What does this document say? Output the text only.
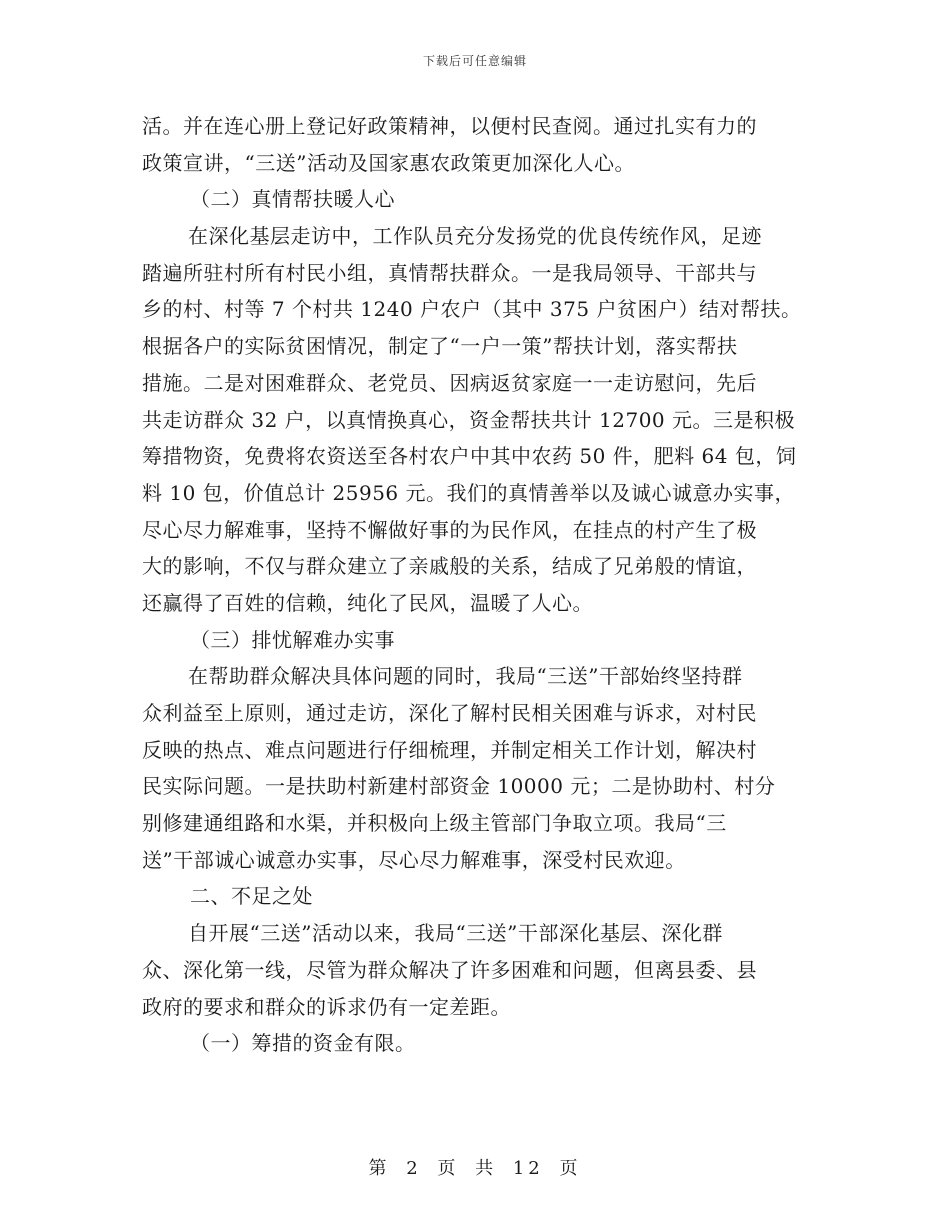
下载后可任意编辑
活。并在连心册上登记好政策精神，以便村民查阅。通过扎实有力的
政策宣讲，“三送”活动及国家惠农政策更加深化人心。
（二）真情帮扶暖人心
在深化基层走访中，工作队员充分发扬党的优良传统作风，足迹
踏遍所驻村所有村民小组，真情帮扶群众。一是我局领导、干部共与
乡的村、村等 7 个村共 1240 户农户（其中 375 户贫困户）结对帮扶。
根据各户的实际贫困情况，制定了“一户一策”帮扶计划，落实帮扶
措施。二是对困难群众、老党员、因病返贫家庭一一走访慰问，先后
共走访群众 32 户，以真情换真心，资金帮扶共计 12700 元。三是积极
筹措物资，免费将农资送至各村农户中其中农药 50 件，肥料 64 包，饲
料 10 包，价值总计 25956 元。我们的真情善举以及诚心诚意办实事，
尽心尽力解难事，坚持不懈做好事的为民作风，在挂点的村产生了极
大的影响，不仅与群众建立了亲戚般的关系，结成了兄弟般的情谊，
还赢得了百姓的信赖，纯化了民风，温暖了人心。
（三）排忧解难办实事
在帮助群众解决具体问题的同时，我局“三送”干部始终坚持群
众利益至上原则，通过走访，深化了解村民相关困难与诉求，对村民
反映的热点、难点问题进行仔细梳理，并制定相关工作计划，解决村
民实际问题。一是扶助村新建村部资金 10000 元；二是协助村、村分
别修建通组路和水渠，并积极向上级主管部门争取立项。我局“三
送”干部诚心诚意办实事，尽心尽力解难事，深受村民欢迎。
二、不足之处
自开展“三送”活动以来，我局“三送”干部深化基层、深化群
众、深化第一线，尽管为群众解决了许多困难和问题，但离县委、县
政府的要求和群众的诉求仍有一定差距。
（一）筹措的资金有限。
第 2 页 共 12 页
